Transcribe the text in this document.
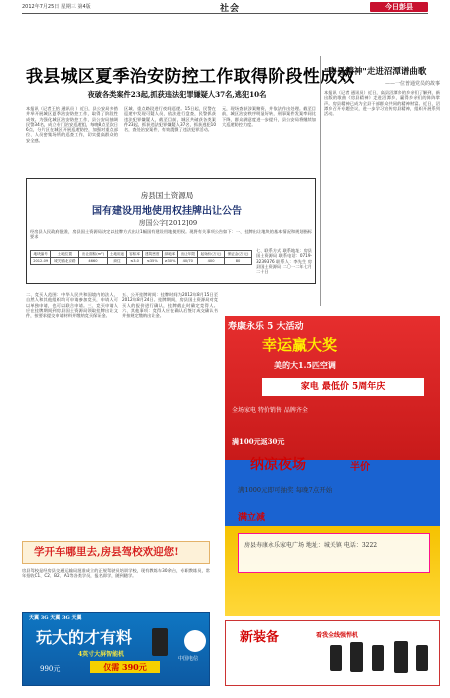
2012年7月25日 星期三 第4版	社会	今日彭县
我县城区夏季治安防控工作取得阶段性成效
夜破各类案件23起,抓获违法犯罪嫌疑人37名,逃犯10名
本报讯（记者王怡 通讯员 ）近日，县公安局多措并举开展城区夏季治安防控工作，取得了阶段性成效。为强化城区治安防控工作，县公安局抽调民警34名，成立专门治安巡逻组，每晚8点至次日6点，分片区在城区开展巡逻防控，加强对重点部位、人员密集场所的巡查工作，切实提高群众的安全感。
区域、重点路段进行夜间巡逻。15日起，民警在巡逻中发现可疑人员，依法进行盘查，民警抓获违法犯罪嫌疑人，截至目前，城区共破获各类案件23起，抓获违法犯罪嫌疑人37名，抓获逃犯10名，查处治安案件，有效震慑了违法犯罪活动。
元，现场查获涉案赌资，并依法作出处理。截至目前，城区治安秩序明显好转，刑事案件发案率同比下降，群众满意度进一步提升，县公安局将继续加大巡逻防控力度。
"房县精神"走进沼潭谱曲歌
——一位普通党员的故事
本报讯（记者 通讯员）近日，高县沼潭乡的乡亲们了解到，新出版的歌曲《房县精神》走进沼潭乡，赢得乡亲们的阵阵掌声。房县精神已成为全县干部群众共同的精神财富。近日，沼潭乡召开专题会议，进一步学习宣传房县精神，组织开展系列活动。
房县国土资源局
国有建设用地使用权挂牌出让公告
房国公字[2012]09
经房县人民政府批准，房县国土资源局决定以挂牌方式出让1幅国有建设用地使用权。现将有关事项公告如下：一、挂牌出让地块的基本情况和规划指标要求
地块编号	土地位置	出让面积(m²)	土地用途	容积率	建筑密度	绿地率	出让年限	起始价(万元)	保证金(万元)
2012-09	城关镇北京路	4660	商住	≤3.0	≤35%	≥30%	40/70	400	80
七、联系方式 联系地址：房县国土资源局 联系电话：0719-3239376 联系人：李先生 房县国土资源局 二〇一二年七月二十日
二、竞买人范围：中华人民共和国境内的法人、自然人和其他组织均可申请参加竞买，申请人可以单独申请，也可以联合申请。三、竞买申请人应在挂牌期间到房县国土资源局领取挂牌出让文件，按要求提交申请材料并缴纳竞买保证金。
五、公开挂牌时间：挂牌时间为2012年8月15日至2012年8月24日。挂牌期间，房县国土资源局对竞买人的报价进行确认，挂牌截止时确定竞得人。六、其他事项：竞得人应在确认后签订成交确认书并按规定缴纳出让金。
学开车哪里去,房县驾校欢迎您!
房县驾校是经房县交通运输局批准成立的正规驾驶员培训学校，现有教练车30余台，专职教练员，常年招收C1、C2、B2、A1等各类学员，报名即学，随到随学。
天翼 3G 天翼 3G 天翼
玩大的才有料
4英寸大屏智能机
990元	仅需 390元
中国电信
寿康永乐 5 大活动
幸运赢大奖
美的大1.5匹空调
家电 最低价 5周年庆
全场家电 特价销售 品牌齐全
满100元返30元
纳凉夜场	半价
满1000元即可抽奖 每晚7点开始
满立减
房县寿康永乐家电广场 地址：城关镇 电话：3222
新装备	看我全线强悍机
